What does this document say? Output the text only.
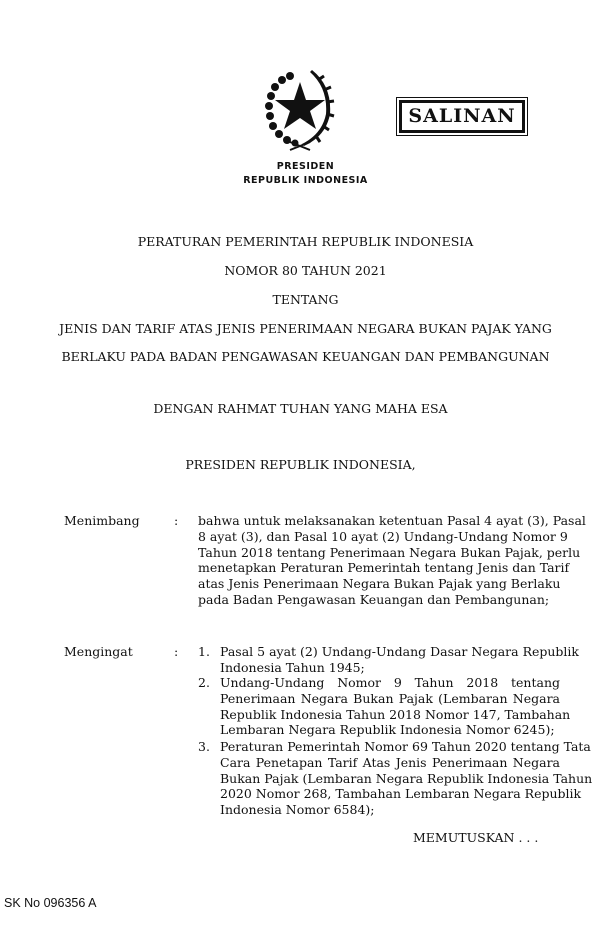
SALINAN
PRESIDEN
REPUBLIK INDONESIA
PERATURAN PEMERINTAH REPUBLIK INDONESIA
NOMOR 80 TAHUN 2021
TENTANG
JENIS DAN TARIF ATAS JENIS PENERIMAAN NEGARA BUKAN PAJAK YANG
BERLAKU PADA BADAN PENGAWASAN KEUANGAN DAN PEMBANGUNAN
DENGAN RAHMAT TUHAN YANG MAHA ESA
PRESIDEN REPUBLIK INDONESIA,
Menimbang	: bahwa untuk melaksanakan ketentuan Pasal 4 ayat (3), Pasal
8 ayat (3), dan Pasal 10 ayat (2) Undang-Undang Nomor 9
Tahun 2018 tentang Penerimaan Negara Bukan Pajak, perlu
menetapkan Peraturan Pemerintah tentang Jenis dan Tarif
atas Jenis Penerimaan Negara Bukan Pajak yang Berlaku
pada Badan Pengawasan Keuangan dan Pembangunan;
Mengingat	: 1. Pasal 5 ayat (2) Undang-Undang Dasar Negara Republik
Indonesia Tahun 1945;
2. Undang-Undang Nomor 9 Tahun 2018 tentang
Penerimaan Negara Bukan Pajak (Lembaran Negara
Republik Indonesia Tahun 2018 Nomor 147, Tambahan
Lembaran Negara Republik Indonesia Nomor 6245);
3. Peraturan Pemerintah Nomor 69 Tahun 2020 tentang Tata
Cara Penetapan Tarif Atas Jenis Penerimaan Negara
Bukan Pajak (Lembaran Negara Republik Indonesia Tahun
2020 Nomor 268, Tambahan Lembaran Negara Republik
Indonesia Nomor 6584);
MEMUTUSKAN . . .
SK No 096356 A
